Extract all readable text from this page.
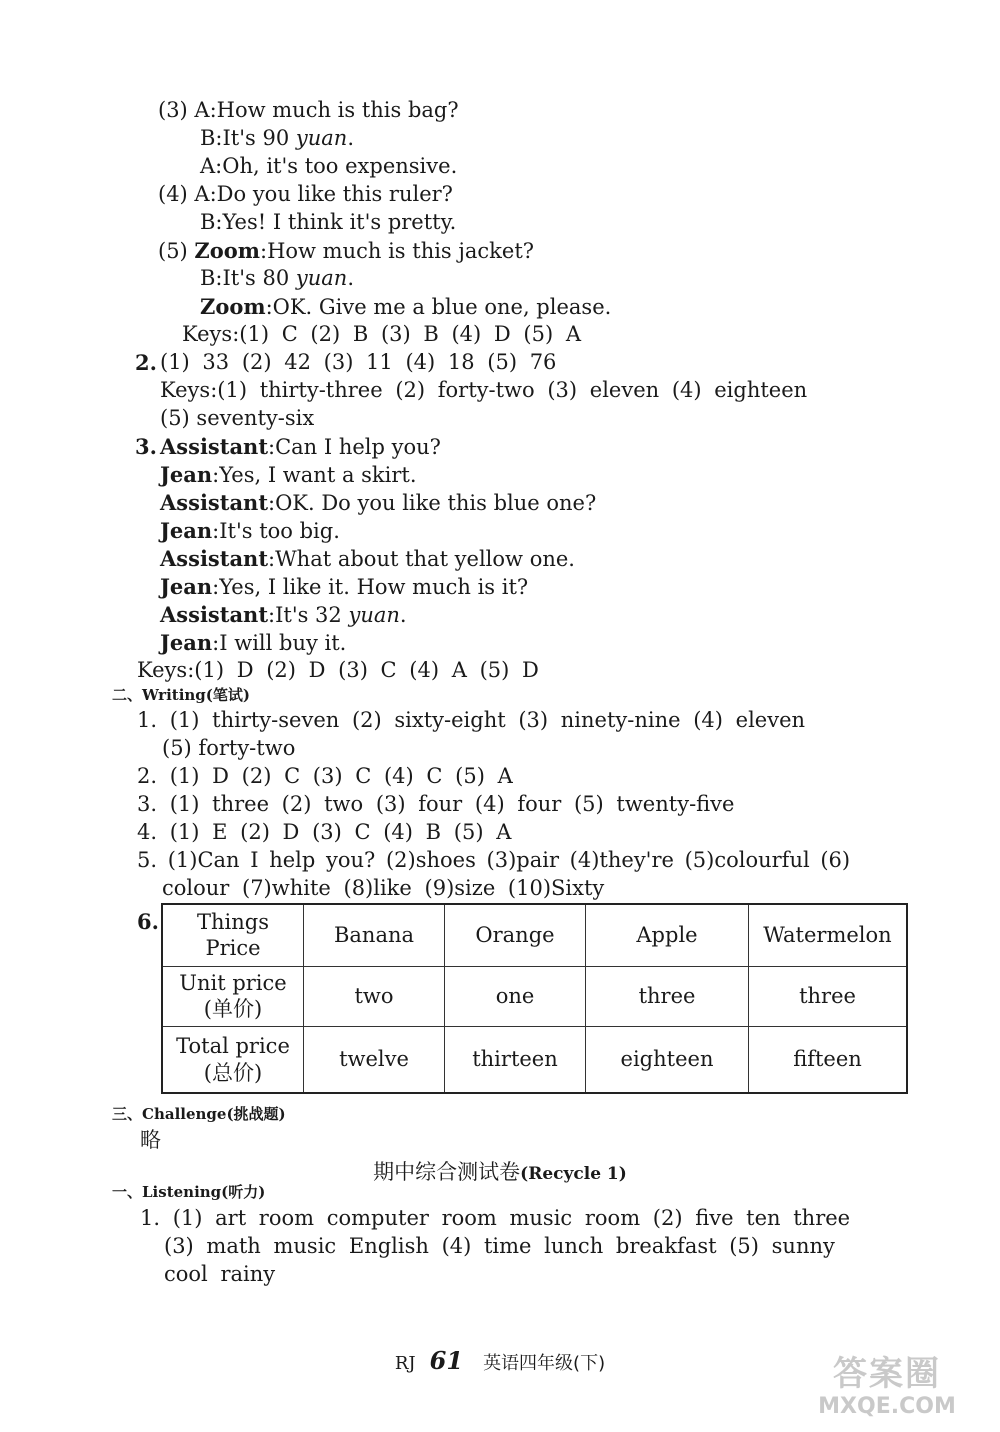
(3) A:How much is this bag?
B:It's 90 yuan.
A:Oh, it's too expensive.
(4) A:Do you like this ruler?
B:Yes! I think it's pretty.
(5) Zoom:How much is this jacket?
B:It's 80 yuan.
Zoom:OK. Give me a blue one, please.
Keys:(1) C (2) B (3) B (4) D (5) A
2. (1) 33 (2) 42 (3) 11 (4) 18 (5) 76
Keys:(1) thirty-three (2) forty-two (3) eleven (4) eighteen
(5) seventy-six
3. Assistant:Can I help you?
Jean:Yes, I want a skirt.
Assistant:OK. Do you like this blue one?
Jean:It's too big.
Assistant:What about that yellow one.
Jean:Yes, I like it. How much is it?
Assistant:It's 32 yuan.
Jean:I will buy it.
Keys:(1) D (2) D (3) C (4) A (5) D
二、Writing(笔试)
1. (1) thirty-seven (2) sixty-eight (3) ninety-nine (4) eleven
(5) forty-two
2. (1) D (2) C (3) C (4) C (5) A
3. (1) three (2) two (3) four (4) four (5) twenty-five
4. (1) E (2) D (3) C (4) B (5) A
5. (1)Can I help you? (2)shoes (3)pair (4)they're (5)colourful (6)
colour (7)white (8)like (9)size (10)Sixty
6.	Things
Price	Banana	Orange	Apple	Watermelon

Unit price
(单价)	two	one	three	three

Total price
(总价)	twelve	thirteen	eighteen	fifteen
三、Challenge(挑战题)
略
期中综合测试卷(Recycle 1)
一、Listening(听力)
1. (1) art room computer room music room (2) five ten three
(3) math music English (4) time lunch breakfast (5) sunny
cool rainy
RJ 61 英语四年级(下)	答案圈
MXQE.COM
